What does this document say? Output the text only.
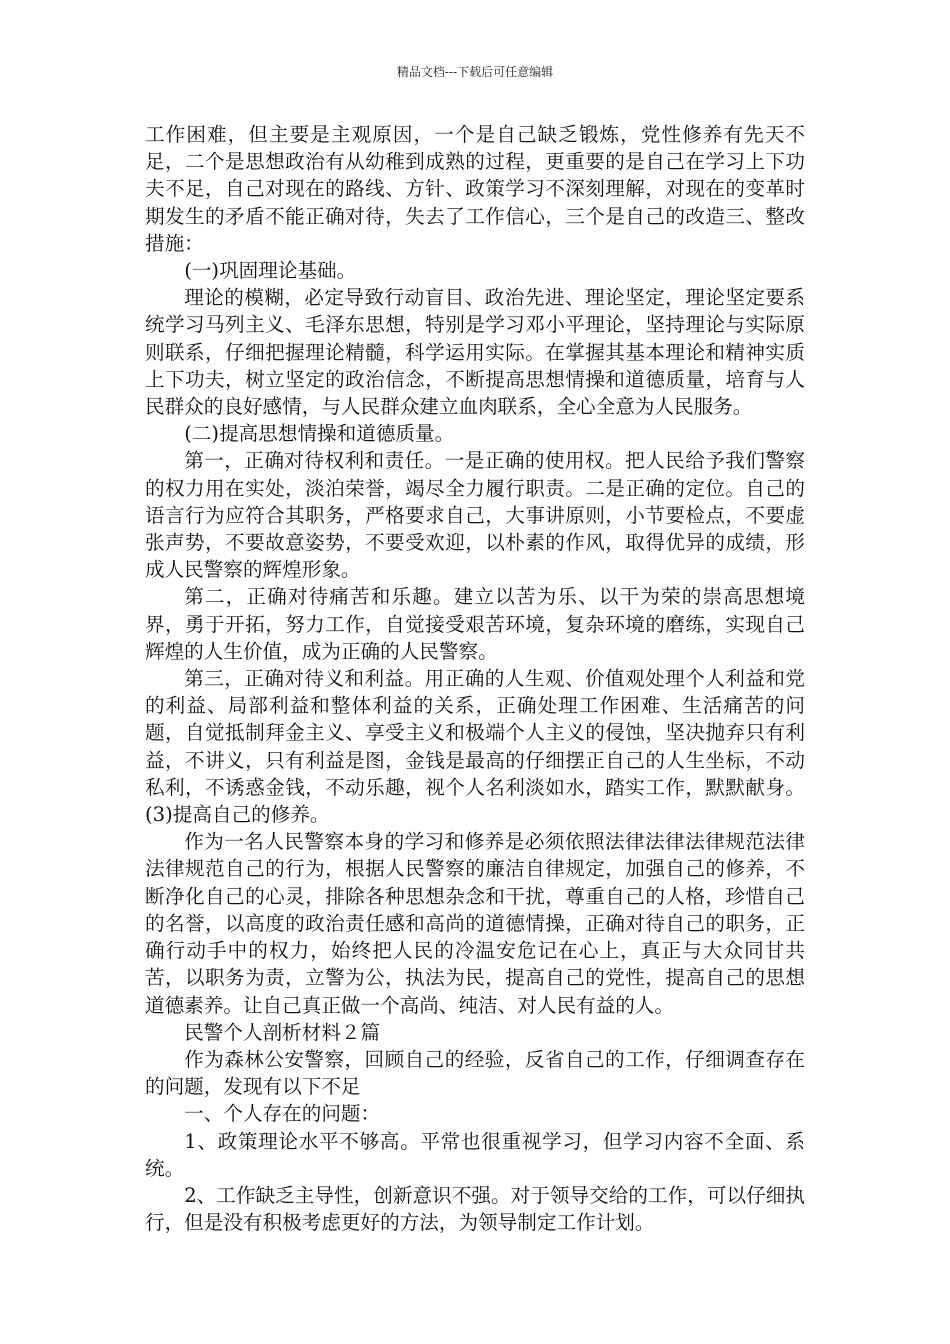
精品文档---下载后可任意编辑

工作困难，但主要是主观原因，一个是自己缺乏锻炼，党性修养有先天不足，二个是思想政治有从幼稚到成熟的过程，更重要的是自己在学习上下功夫不足，自己对现在的路线、方针、政策学习不深刻理解，对现在的变革时期发生的矛盾不能正确对待，失去了工作信心，三个是自己的改造三、整改措施：

(一)巩固理论基础。

理论的模糊，必定导致行动盲目、政治先进、理论坚定，理论坚定要系统学习马列主义、毛泽东思想，特别是学习邓小平理论，坚持理论与实际原则联系，仔细把握理论精髓，科学运用实际。在掌握其基本理论和精神实质上下功夫，树立坚定的政治信念，不断提高思想情操和道德质量，培育与人民群众的良好感情，与人民群众建立血肉联系，全心全意为人民服务。

(二)提高思想情操和道德质量。

第一，正确对待权利和责任。一是正确的使用权。把人民给予我们警察的权力用在实处，淡泊荣誉，竭尽全力履行职责。二是正确的定位。自己的语言行为应符合其职务，严格要求自己，大事讲原则，小节要检点，不要虚张声势，不要故意姿势，不要受欢迎，以朴素的作风，取得优异的成绩，形成人民警察的辉煌形象。

第二，正确对待痛苦和乐趣。建立以苦为乐、以干为荣的崇高思想境界，勇于开拓，努力工作，自觉接受艰苦环境，复杂环境的磨练，实现自己辉煌的人生价值，成为正确的人民警察。

第三，正确对待义和利益。用正确的人生观、价值观处理个人利益和党的利益、局部利益和整体利益的关系，正确处理工作困难、生活痛苦的问题，自觉抵制拜金主义、享受主义和极端个人主义的侵蚀，坚决抛弃只有利益，不讲义，只有利益是图，金钱是最高的仔细摆正自己的人生坐标，不动私利，不诱惑金钱，不动乐趣，视个人名利淡如水，踏实工作，默默献身。(3)提高自己的修养。

作为一名人民警察本身的学习和修养是必须依照法律法律法律规范法律法律规范自己的行为，根据人民警察的廉洁自律规定，加强自己的修养，不断净化自己的心灵，排除各种思想杂念和干扰，尊重自己的人格，珍惜自己的名誉，以高度的政治责任感和高尚的道德情操，正确对待自己的职务，正确行动手中的权力，始终把人民的冷温安危记在心上，真正与大众同甘共苦，以职务为责，立警为公，执法为民，提高自己的党性，提高自己的思想道德素养。让自己真正做一个高尚、纯洁、对人民有益的人。

民警个人剖析材料２篇

作为森林公安警察，回顾自己的经验，反省自己的工作，仔细调查存在的问题，发现有以下不足

一、个人存在的问题：

1、政策理论水平不够高。平常也很重视学习，但学习内容不全面、系统。

2、工作缺乏主导性，创新意识不强。对于领导交给的工作，可以仔细执行，但是没有积极考虑更好的方法，为领导制定工作计划。
